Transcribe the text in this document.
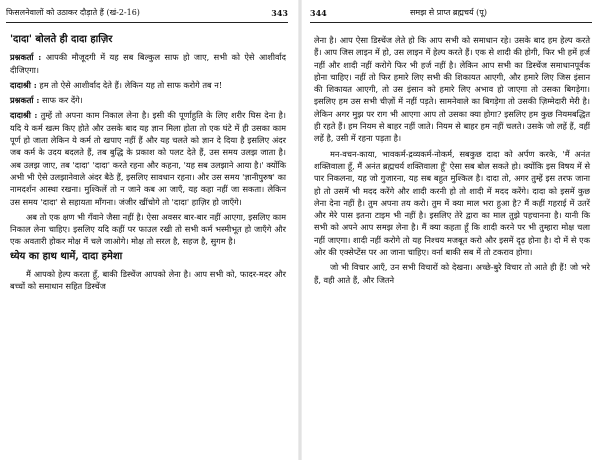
फिसलनेवालों को उठाकर दौड़ाते हैं (खं-2-16)	343

'दादा' बोलते ही दादा हाज़िर

प्रश्नकर्ता : आपकी मौजूदगी में यह सब बिल्कुल साफ हो जाए, सभी को ऐसे आशीर्वाद दीजिएगा।

दादाश्री : हम तो ऐसे आशीर्वाद देते हैं। लेकिन यह तो साफ करोगे तब न!

प्रश्नकर्ता : साफ कर देंगे।

दादाश्री : तुम्हें तो अपना काम निकाल लेना है। इसी की पूर्णाहुति के लिए शरीर घिस देना है। यदि ये कर्म खत्म किए होते और उसके बाद यह ज्ञान मिला होता तो एक घंटे में ही उसका काम पूर्ण हो जाता लेकिन ये कर्म तो खपाए नहीं हैं और यह चलते को ज्ञान दे दिया है इसलिए अंदर जब कर्म के उदय बदलते हैं, तब बुद्धि के प्रकाश को पलट देते हैं, उस समय उलझ जाता है। अब उलझ जाए, तब 'दादा' 'दादा' करते रहना और कहना, 'यह सब उलझाने आया है।' क्योंकि अभी भी ऐसे उलझानेवाले अंदर बैठे हैं, इसलिए सावधान रहना। और उस समय 'ज्ञानीपुरुष' का नामदर्शन आस्था रखना। मुश्किलें तो न जाने कब आ जाएँ, यह कहा नहीं जा सकता। लेकिन उस समय 'दादा' से सहायता माँगना। जंजीर खींचोगे तो 'दादा' हाज़िर हो जाएँगे।

अब तो एक क्षण भी गँवाने जैसा नहीं है। ऐसा अवसर बार-बार नहीं आएगा, इसलिए काम निकाल लेना चाहिए। इसलिए यदि कहीं पर फाउल रखी तो सभी कर्म भस्मीभूत हो जाएँगे और एक अवतारी होकर मोक्ष में चले जाओगे। मोक्ष तो सरल है, सहज है, सुगम है।

ध्येय का हाथ थामें, दादा हमेशा

मैं आपको हेल्प करता हूँ, बाकी डिस्चेंज आपको लेना है। आप सभी को, फादर-मदर और बच्चों को समाधान सहित डिस्चेंज

344	समझ से प्राप्त ब्रह्मचर्य (पू)

लेना है। आप ऐसा डिस्चेंज लेते हो कि आप सभी को समाधान रहे। उसके बाद हम हेल्प करते हैं। आप जिस लाइन में हो, उस लाइन में हेल्प करते हैं। एक से शादी की होगी, फिर भी हमें हर्ज नहीं और शादी नहीं करोगे फिर भी हर्ज नहीं है। लेकिन आप सभी का डिस्चेंज समाधानपूर्वक होना चाहिए। नहीं तो फिर हमारे लिए सभी की शिकायत आएगी, और हमारे लिए जिस इंसान की शिकायत आएगी, तो उस इंसान को हमारे लिए अभाव हो जाएगा तो उसका बिगड़ेगा। इसलिए हम उस सभी चीज़ों में नहीं पड़ते। सामनेवाले का बिगड़ेगा तो उसकी ज़िम्मेदारी मेरी है। लेकिन अगर मुझ पर राग भी आएगा आप तो उसका क्या होगा? इसलिए हम कुछ नियमबद्धित ही रहते हैं। हम नियम से बाहर नहीं जाते। नियम से बाहर हम नहीं चलते। उसके जो लहें हैं, वहीं लहें है, उसी में रहना पड़ता है।

मन-वचन-काया, भावकर्म-द्रव्यकर्म-नोकर्म, सबकुछ दादा को अर्पण करके, 'मैं अनंत शक्तिवाला हूँ, मैं अनंत ब्रह्मचर्य शक्तिवाला हूँ' ऐसा सब बोल सकते हो। क्योंकि इस विषय में से पार निकलना, यह जो गुजारना, यह सब बहुत मुश्किल है। दादा तो, अगर तुम्हें इस तरफ जाना हो तो उसमें भी मदद करेंगे और शादी करनी हो तो शादी में मदद करेंगे। दादा को इसमें कुछ लेना देना नहीं है। तुम अपना तय करो। तुम में क्या माल भरा हुआ है? मैं कहीं गहराई में उतरें और मेरे पास इतना टाइम भी नहीं है। इसलिए तेरे द्वारा का माल तुझे पहचानना है। यानी कि सभी को अपने आप समझ लेना है। मैं क्या कहता हूँ कि शादी करने पर भी तुम्हारा मोक्ष चला नहीं जाएगा। शादी नहीं करोगे तो यह निश्चय मजबूत करो और इसमें दृढ़ होना है। दो में से एक ओर की एक्सेप्टेंस पर आ जाना चाहिए। वर्ना बाकी सब में तो टकराव होगा।

जो भी विचार आएँ, उन सभी विचारों को देखना। अच्छे-बुरे विचार तो आते ही हैं! जो भरे हैं, वही आते हैं, और जितने
